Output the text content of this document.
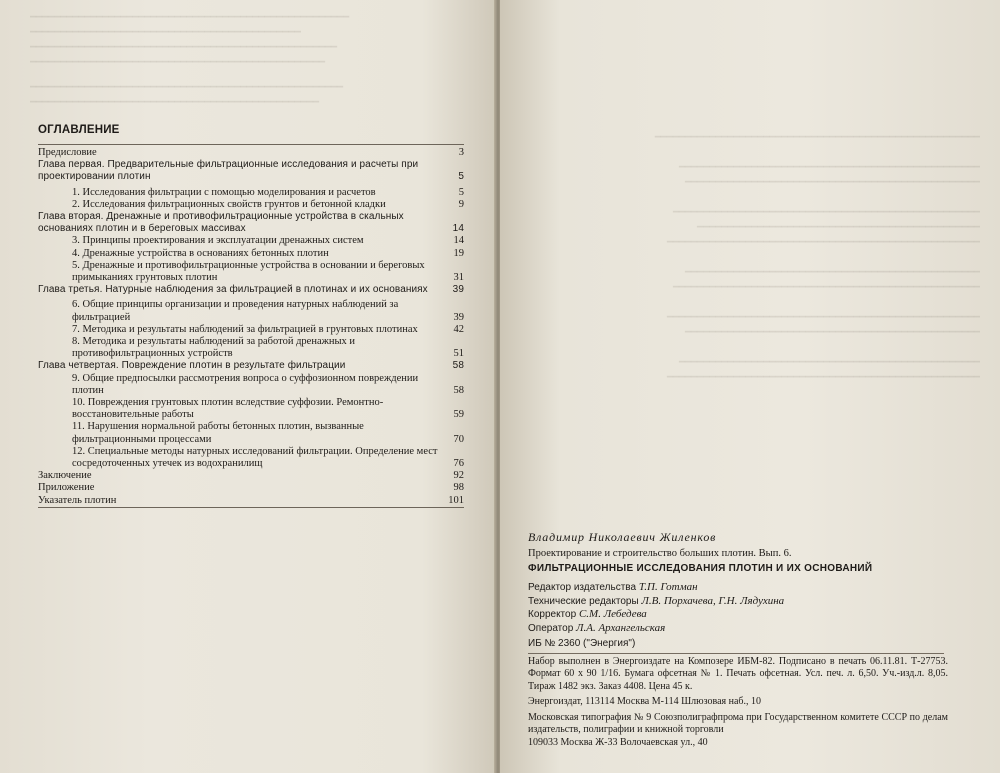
━━━━━━━━━━━━━━━━━━━━━━━━━━━━━━━━━━━━━━━━━━━━━━━━━━━━━
━━━━━━━━━━━━━━━━━━━━━━━━━━━━━━━━━━━━━━━━━━━━━
━━━━━━━━━━━━━━━━━━━━━━━━━━━━━━━━━━━━━━━━━━━━━━━━━━━
━━━━━━━━━━━━━━━━━━━━━━━━━━━━━━━━━━━━━━━━━━━━━━━━━
━━━━━━━━━━━━━━━━━━━━━━━━━━━━━━━━━━━━━━━━━━━━━━━━━━━━
━━━━━━━━━━━━━━━━━━━━━━━━━━━━━━━━━━━━━━━━━━━━━━━━
ОГЛАВЛЕНИЕ
Предисловие	3
Глава первая. Предварительные фильтрационные исследования и расчеты при проектировании плотин	5
1. Исследования фильтрации с помощью моделирования и расчетов	5
2. Исследования фильтрационных свойств грунтов и бетонной кладки	9
Глава вторая. Дренажные и противофильтрационные устройства в скальных основаниях плотин и в береговых массивах	14
3. Принципы проектирования и эксплуатации дренажных систем	14
4. Дренажные устройства в основаниях бетонных плотин	19
5. Дренажные и противофильтрационные устройства в основании и береговых примыканиях грунтовых плотин	31
Глава третья. Натурные наблюдения за фильтрацией в плотинах и их основаниях	39
6. Общие принципы организации и проведения натурных наблюдений за фильтрацией	39
7. Методика и результаты наблюдений за фильтрацией в грунтовых плотинах	42
8. Методика и результаты наблюдений за работой дренажных и противофильтрационных устройств	51
Глава четвертая. Повреждение плотин в результате фильтрации	58
9. Общие предпосылки рассмотрения вопроса о суффозионном повреждении плотин	58
10. Повреждения грунтовых плотин вследствие суффозии. Ремонтно-восстановительные работы	59
11. Нарушения нормальной работы бетонных плотин, вызванные фильтрационными процессами	70
12. Специальные методы натурных исследований фильтрации. Определение мест сосредоточенных утечек из водохранилищ	76
Заключение	92
Приложение	98
Указатель плотин	101
━━━━━━━━━━━━━━━━━━━━━━━━━━━━━━━━━━━━━━━━━━━━━━━━━━━━━━

━━━━━━━━━━━━━━━━━━━━━━━━━━━━━━━━━━━━━━━━━━━━━━━━━━
━━━━━━━━━━━━━━━━━━━━━━━━━━━━━━━━━━━━━━━━━━━━━━━━━

━━━━━━━━━━━━━━━━━━━━━━━━━━━━━━━━━━━━━━━━━━━━━━━━━━━
━━━━━━━━━━━━━━━━━━━━━━━━━━━━━━━━━━━━━━━━━━━━━━━
━━━━━━━━━━━━━━━━━━━━━━━━━━━━━━━━━━━━━━━━━━━━━━━━━━━━

━━━━━━━━━━━━━━━━━━━━━━━━━━━━━━━━━━━━━━━━━━━━━━━━━
━━━━━━━━━━━━━━━━━━━━━━━━━━━━━━━━━━━━━━━━━━━━━━━━━━━

━━━━━━━━━━━━━━━━━━━━━━━━━━━━━━━━━━━━━━━━━━━━━━━━━━━━
━━━━━━━━━━━━━━━━━━━━━━━━━━━━━━━━━━━━━━━━━━━━━━━━━

━━━━━━━━━━━━━━━━━━━━━━━━━━━━━━━━━━━━━━━━━━━━━━━━━━
━━━━━━━━━━━━━━━━━━━━━━━━━━━━━━━━━━━━━━━━━━━━━━━━━━━━
Владимир Николаевич Жиленков
Проектирование и строительство больших плотин. Вып. 6.
ФИЛЬТРАЦИОННЫЕ ИССЛЕДОВАНИЯ ПЛОТИН И ИХ ОСНОВАНИЙ
Редактор издательства Т.П. Готман
Технические редакторы Л.В. Порхачева, Г.Н. Лядухина
Корректор С.М. Лебедева
Оператор Л.А. Архангельская
ИБ № 2360 ("Энергия")

Набор выполнен в Энергоиздате на Композере ИБМ-82. Подписано в печать 06.11.81. Т-27753. Формат 60 х 90 1/16. Бумага офсетная № 1. Печать офсетная. Усл. печ. л. 6,50. Уч.-изд.л. 8,05. Тираж 1482 экз. Заказ 4408. Цена 45 к.

Энергоиздат, 113114 Москва М-114 Шлюзовая наб., 10

Московская типография № 9 Союзполиграфпрома при Государственном комитете СССР по делам издательств, полиграфии и книжной торговли

109033 Москва Ж-33 Волочаевская ул., 40
